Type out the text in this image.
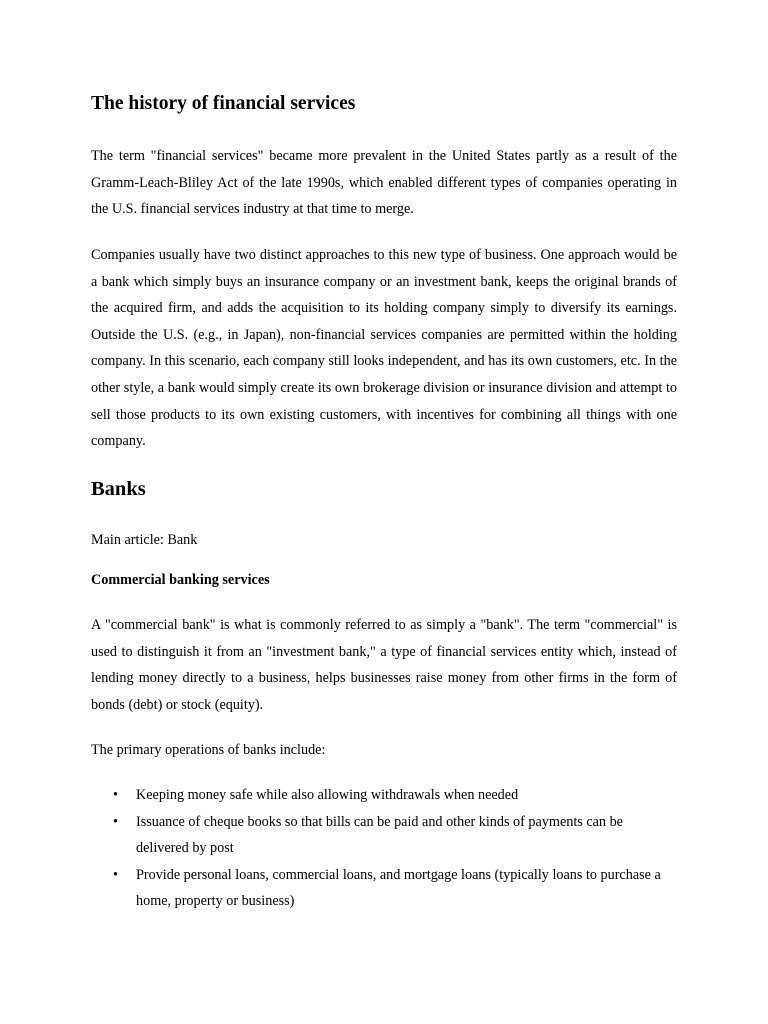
The history of financial services

The term "financial services" became more prevalent in the United States partly as a result of the Gramm-Leach-Bliley Act of the late 1990s, which enabled different types of companies operating in the U.S. financial services industry at that time to merge.

Companies usually have two distinct approaches to this new type of business. One approach would be a bank which simply buys an insurance company or an investment bank, keeps the original brands of the acquired firm, and adds the acquisition to its holding company simply to diversify its earnings. Outside the U.S. (e.g., in Japan), non-financial services companies are permitted within the holding company. In this scenario, each company still looks independent, and has its own customers, etc. In the other style, a bank would simply create its own brokerage division or insurance division and attempt to sell those products to its own existing customers, with incentives for combining all things with one company.

Banks

Main article: Bank

Commercial banking services

A "commercial bank" is what is commonly referred to as simply a "bank". The term "commercial" is used to distinguish it from an "investment bank," a type of financial services entity which, instead of lending money directly to a business, helps businesses raise money from other firms in the form of bonds (debt) or stock (equity).

The primary operations of banks include:

• Keeping money safe while also allowing withdrawals when needed
• Issuance of cheque books so that bills can be paid and other kinds of payments can be delivered by post
• Provide personal loans, commercial loans, and mortgage loans (typically loans to purchase a home, property or business)
